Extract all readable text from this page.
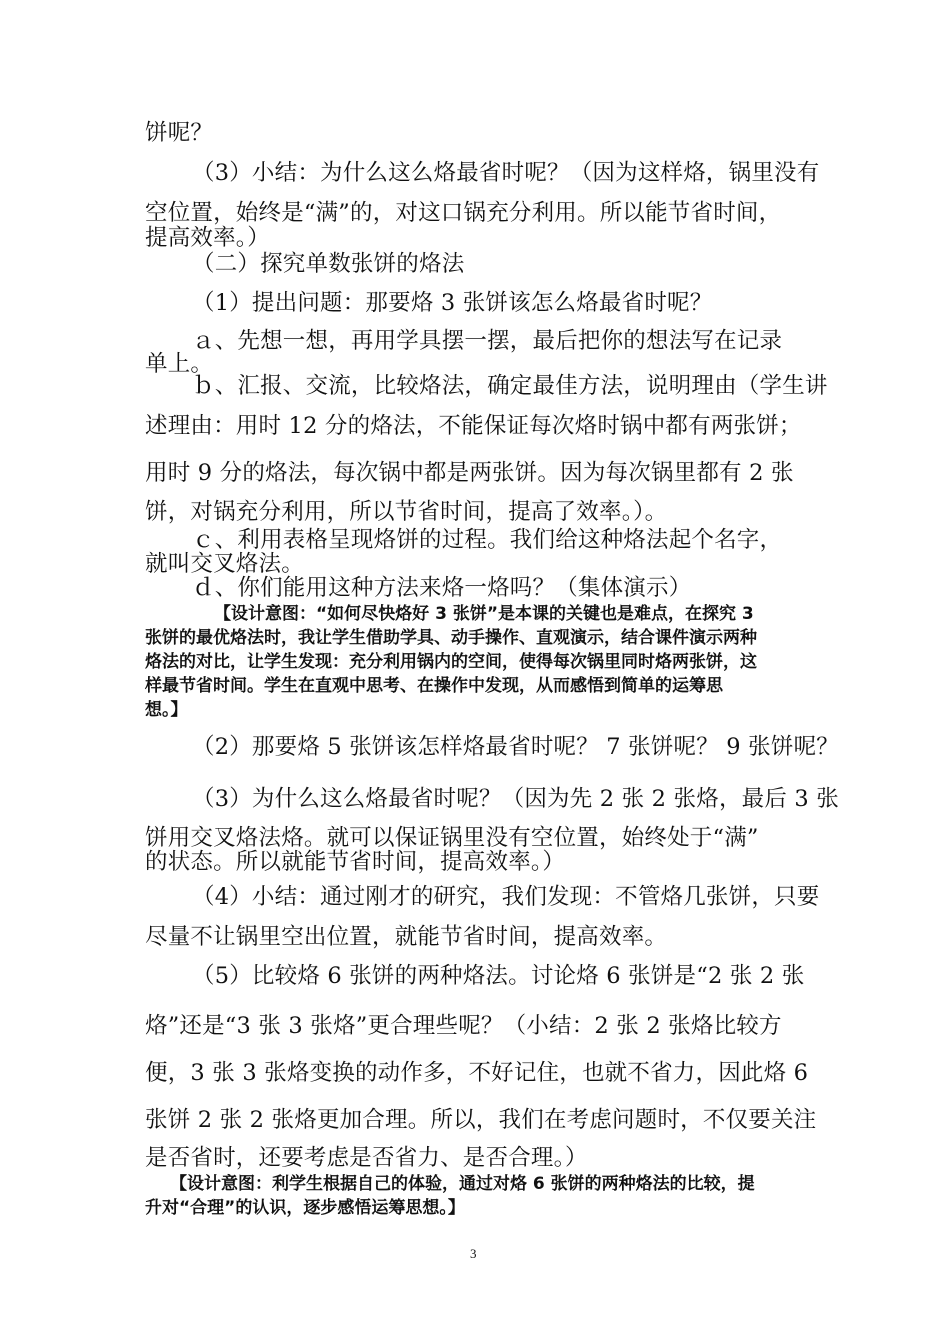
饼呢？
（3）小结：为什么这么烙最省时呢？（因为这样烙，锅里没有
空位置，始终是“满”的，对这口锅充分利用。所以能节省时间，
提高效率。）
（二）探究单数张饼的烙法
（1）提出问题：那要烙 3 张饼该怎么烙最省时呢？
ａ、先想一想，再用学具摆一摆，最后把你的想法写在记录
单上。
ｂ、汇报、交流，比较烙法，确定最佳方法，说明理由（学生讲
述理由：用时 12 分的烙法，不能保证每次烙时锅中都有两张饼；
用时 9 分的烙法，每次锅中都是两张饼。因为每次锅里都有 2 张
饼，对锅充分利用，所以节省时间，提高了效率。）。
ｃ、利用表格呈现烙饼的过程。我们给这种烙法起个名字，
就叫交叉烙法。
ｄ、你们能用这种方法来烙一烙吗？（集体演示）
【设计意图：“如何尽快烙好 3 张饼”是本课的关键也是难点，在探究 3
张饼的最优烙法时，我让学生借助学具、动手操作、直观演示，结合课件演示两种
烙法的对比，让学生发现：充分利用锅内的空间，使得每次锅里同时烙两张饼，这
样最节省时间。学生在直观中思考、在操作中发现，从而感悟到简单的运筹思
想。】
（2）那要烙 5 张饼该怎样烙最省时呢？ 7 张饼呢？ 9 张饼呢？
（3）为什么这么烙最省时呢？（因为先 2 张 2 张烙，最后 3 张
饼用交叉烙法烙。就可以保证锅里没有空位置，始终处于“满”
的状态。所以就能节省时间，提高效率。）
（4）小结：通过刚才的研究，我们发现：不管烙几张饼，只要
尽量不让锅里空出位置，就能节省时间，提高效率。
（5）比较烙 6 张饼的两种烙法。讨论烙 6 张饼是“2 张 2 张
烙”还是“3 张 3 张烙”更合理些呢？（小结：2 张 2 张烙比较方
便，3 张 3 张烙变换的动作多，不好记住，也就不省力，因此烙 6
张饼 2 张 2 张烙更加合理。所以，我们在考虑问题时，不仅要关注
是否省时，还要考虑是否省力、是否合理。）
【设计意图：利学生根据自己的体验，通过对烙 6 张饼的两种烙法的比较，提
升对“合理”的认识，逐步感悟运筹思想。】
3
